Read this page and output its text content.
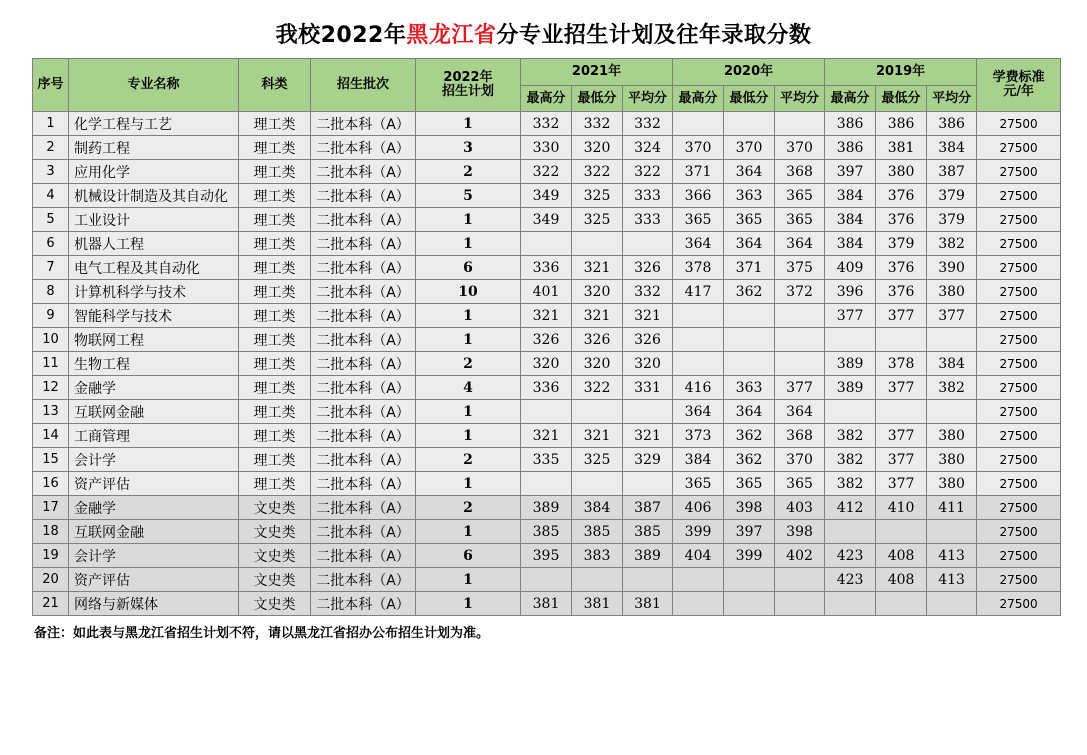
我校2022年黑龙江省分专业招生计划及往年录取分数
序号	专业名称	科类	招生批次	2022年
招生计划	2021年			2020年			2019年			学费标准
元/年
					最高分	最低分	平均分	最高分	最低分	平均分	最高分	最低分	平均分	
1	化学工程与工艺	理工类	二批本科（A）	1	332	332	332				386	386	386	27500
2	制药工程	理工类	二批本科（A）	3	330	320	324	370	370	370	386	381	384	27500
3	应用化学	理工类	二批本科（A）	2	322	322	322	371	364	368	397	380	387	27500
4	机械设计制造及其自动化	理工类	二批本科（A）	5	349	325	333	366	363	365	384	376	379	27500
5	工业设计	理工类	二批本科（A）	1	349	325	333	365	365	365	384	376	379	27500
6	机器人工程	理工类	二批本科（A）	1				364	364	364	384	379	382	27500
7	电气工程及其自动化	理工类	二批本科（A）	6	336	321	326	378	371	375	409	376	390	27500
8	计算机科学与技术	理工类	二批本科（A）	10	401	320	332	417	362	372	396	376	380	27500
9	智能科学与技术	理工类	二批本科（A）	1	321	321	321				377	377	377	27500
10	物联网工程	理工类	二批本科（A）	1	326	326	326							27500
11	生物工程	理工类	二批本科（A）	2	320	320	320				389	378	384	27500
12	金融学	理工类	二批本科（A）	4	336	322	331	416	363	377	389	377	382	27500
13	互联网金融	理工类	二批本科（A）	1				364	364	364				27500
14	工商管理	理工类	二批本科（A）	1	321	321	321	373	362	368	382	377	380	27500
15	会计学	理工类	二批本科（A）	2	335	325	329	384	362	370	382	377	380	27500
16	资产评估	理工类	二批本科（A）	1				365	365	365	382	377	380	27500
17	金融学	文史类	二批本科（A）	2	389	384	387	406	398	403	412	410	411	27500
18	互联网金融	文史类	二批本科（A）	1	385	385	385	399	397	398				27500
19	会计学	文史类	二批本科（A）	6	395	383	389	404	399	402	423	408	413	27500
20	资产评估	文史类	二批本科（A）	1							423	408	413	27500
21	网络与新媒体	文史类	二批本科（A）	1	381	381	381							27500
备注：如此表与黑龙江省招生计划不符，请以黑龙江省招办公布招生计划为准。
